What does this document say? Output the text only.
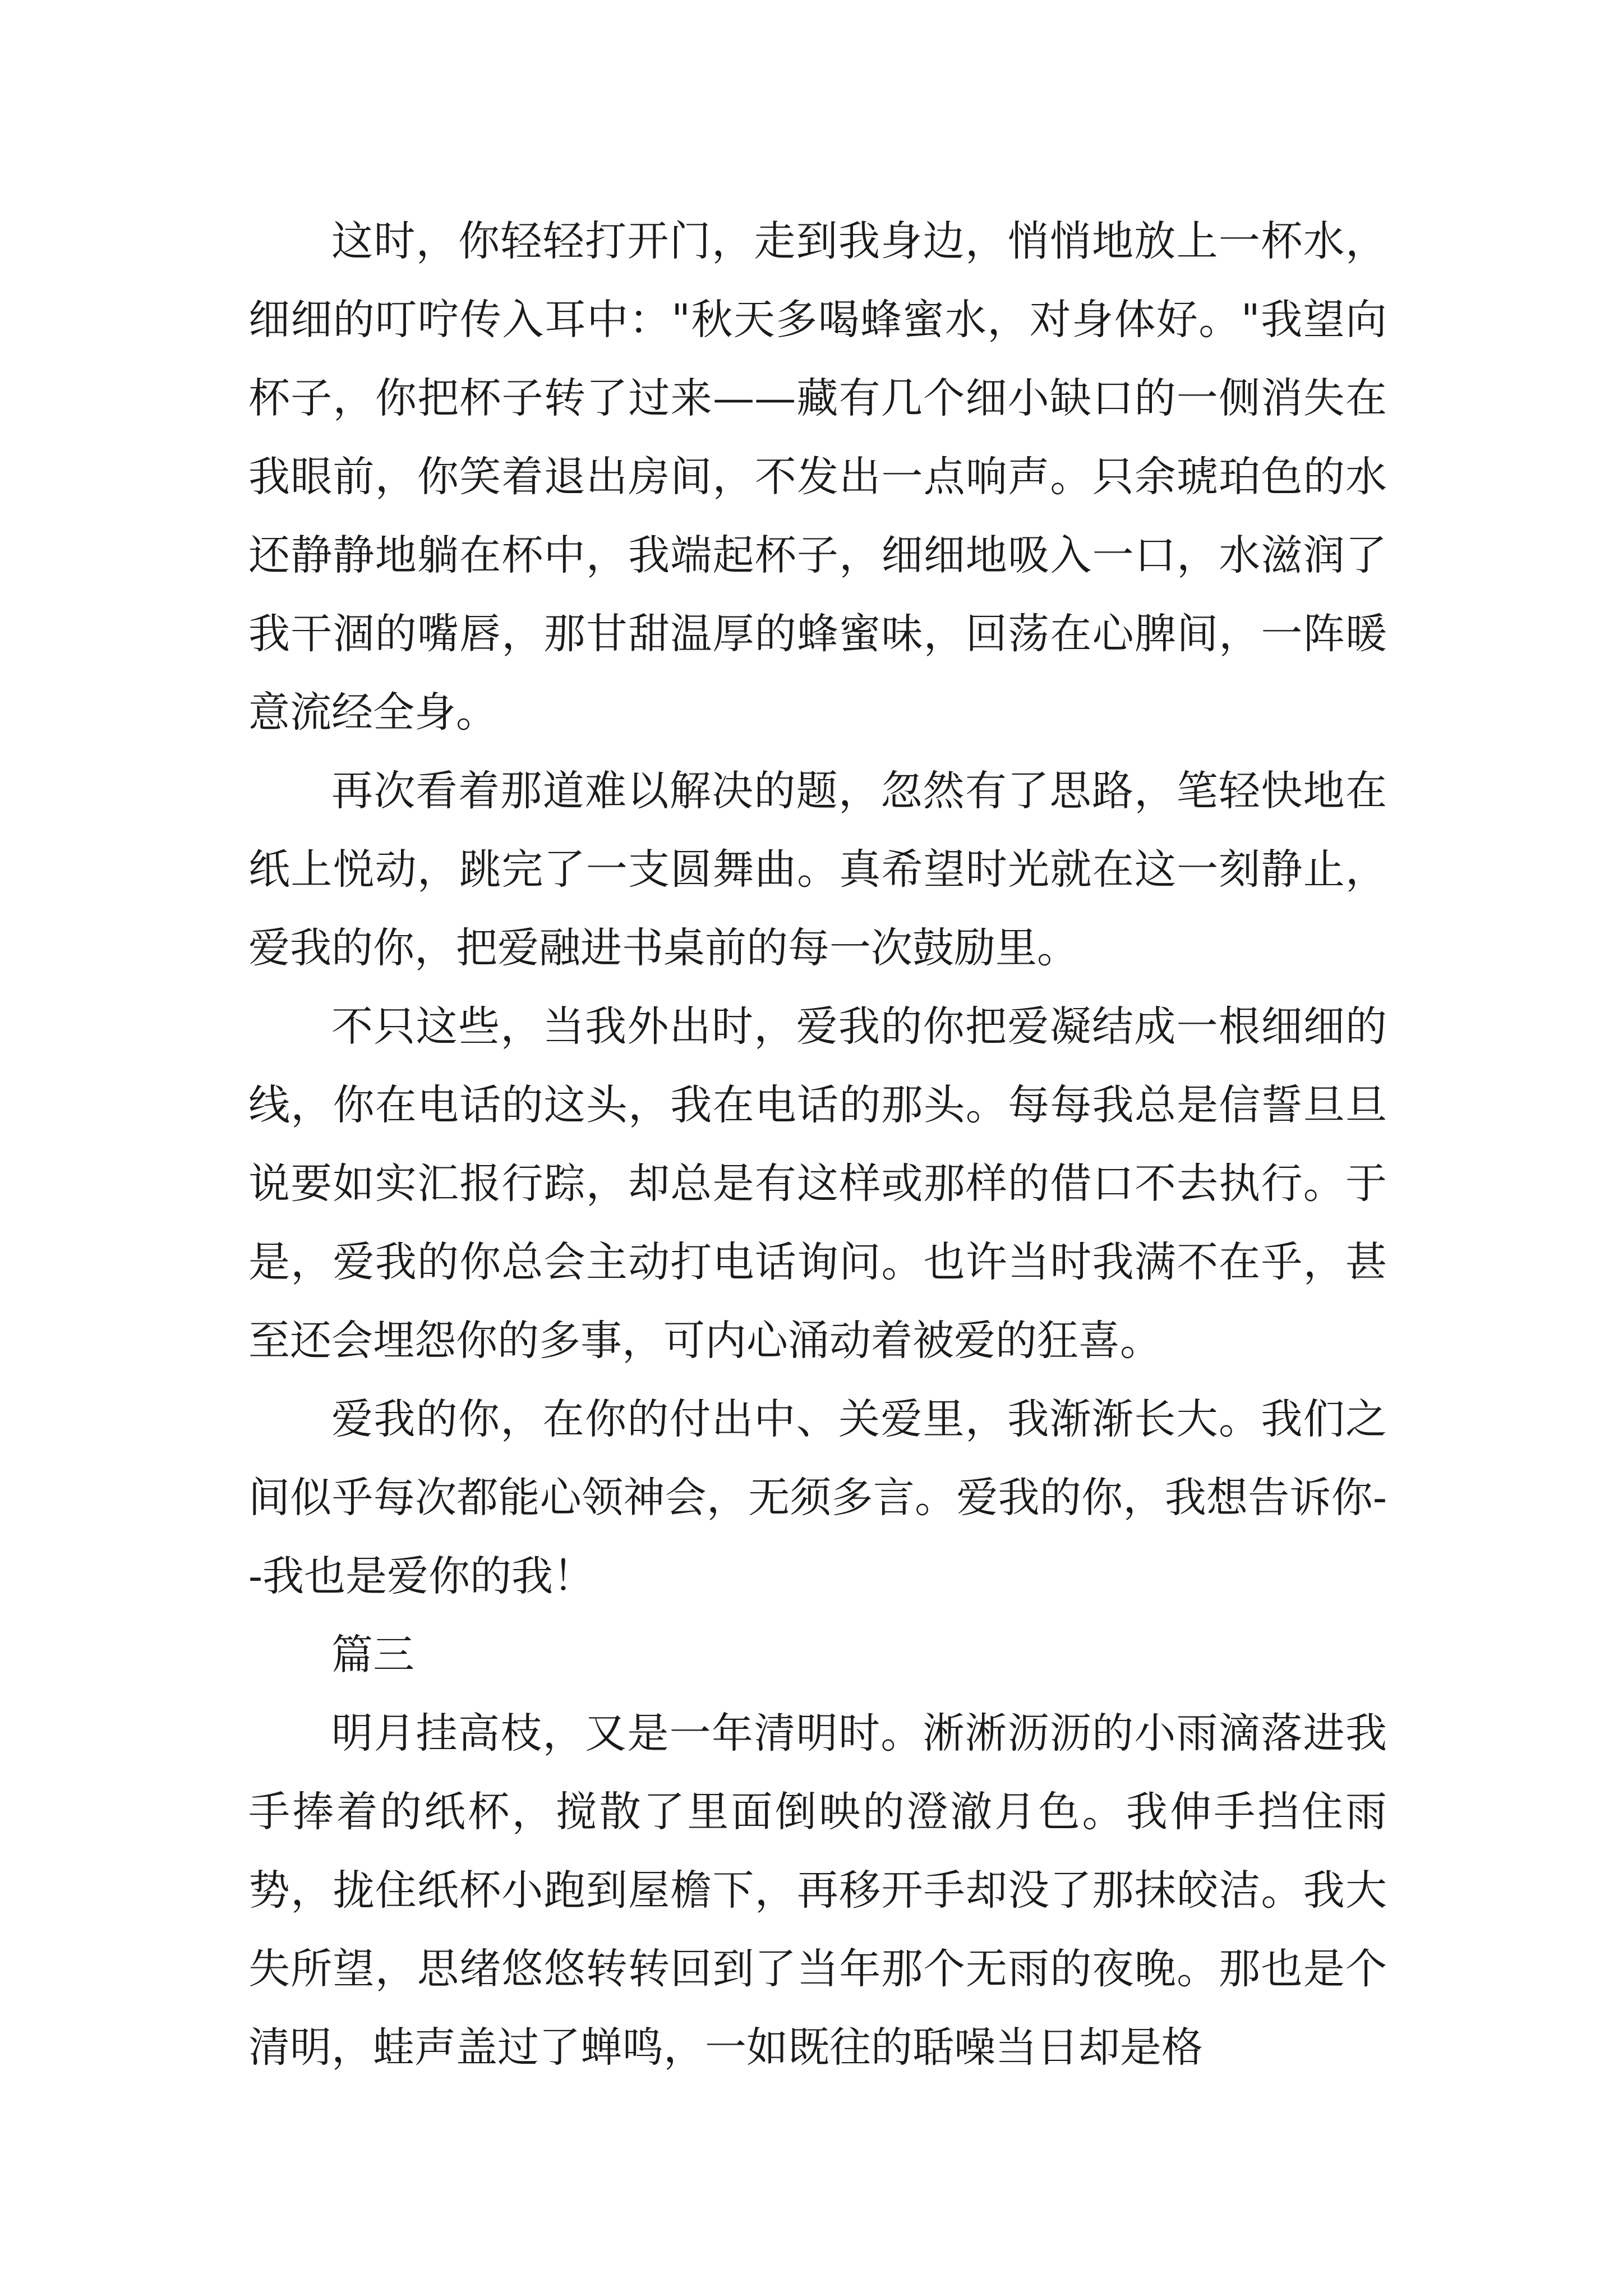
这时，你轻轻打开门，走到我身边，悄悄地放上一杯水，细细的叮咛传入耳中："秋天多喝蜂蜜水，对身体好。"我望向杯子，你把杯子转了过来——藏有几个细小缺口的一侧消失在我眼前，你笑着退出房间，不发出一点响声。只余琥珀色的水还静静地躺在杯中，我端起杯子，细细地吸入一口，水滋润了我干涸的嘴唇，那甘甜温厚的蜂蜜味，回荡在心脾间，一阵暖意流经全身。

再次看着那道难以解决的题，忽然有了思路，笔轻快地在纸上悦动，跳完了一支圆舞曲。真希望时光就在这一刻静止，爱我的你，把爱融进书桌前的每一次鼓励里。

不只这些，当我外出时，爱我的你把爱凝结成一根细细的线，你在电话的这头，我在电话的那头。每每我总是信誓旦旦说要如实汇报行踪，却总是有这样或那样的借口不去执行。于是，爱我的你总会主动打电话询问。也许当时我满不在乎，甚至还会埋怨你的多事，可内心涌动着被爱的狂喜。

爱我的你，在你的付出中、关爱里，我渐渐长大。我们之间似乎每次都能心领神会，无须多言。爱我的你，我想告诉你--我也是爱你的我！

篇三

明月挂高枝，又是一年清明时。淅淅沥沥的小雨滴落进我手捧着的纸杯，搅散了里面倒映的澄澈月色。我伸手挡住雨势，拢住纸杯小跑到屋檐下，再移开手却没了那抹皎洁。我大失所望，思绪悠悠转转回到了当年那个无雨的夜晚。那也是个清明，蛙声盖过了蝉鸣，一如既往的聒噪当日却是格
